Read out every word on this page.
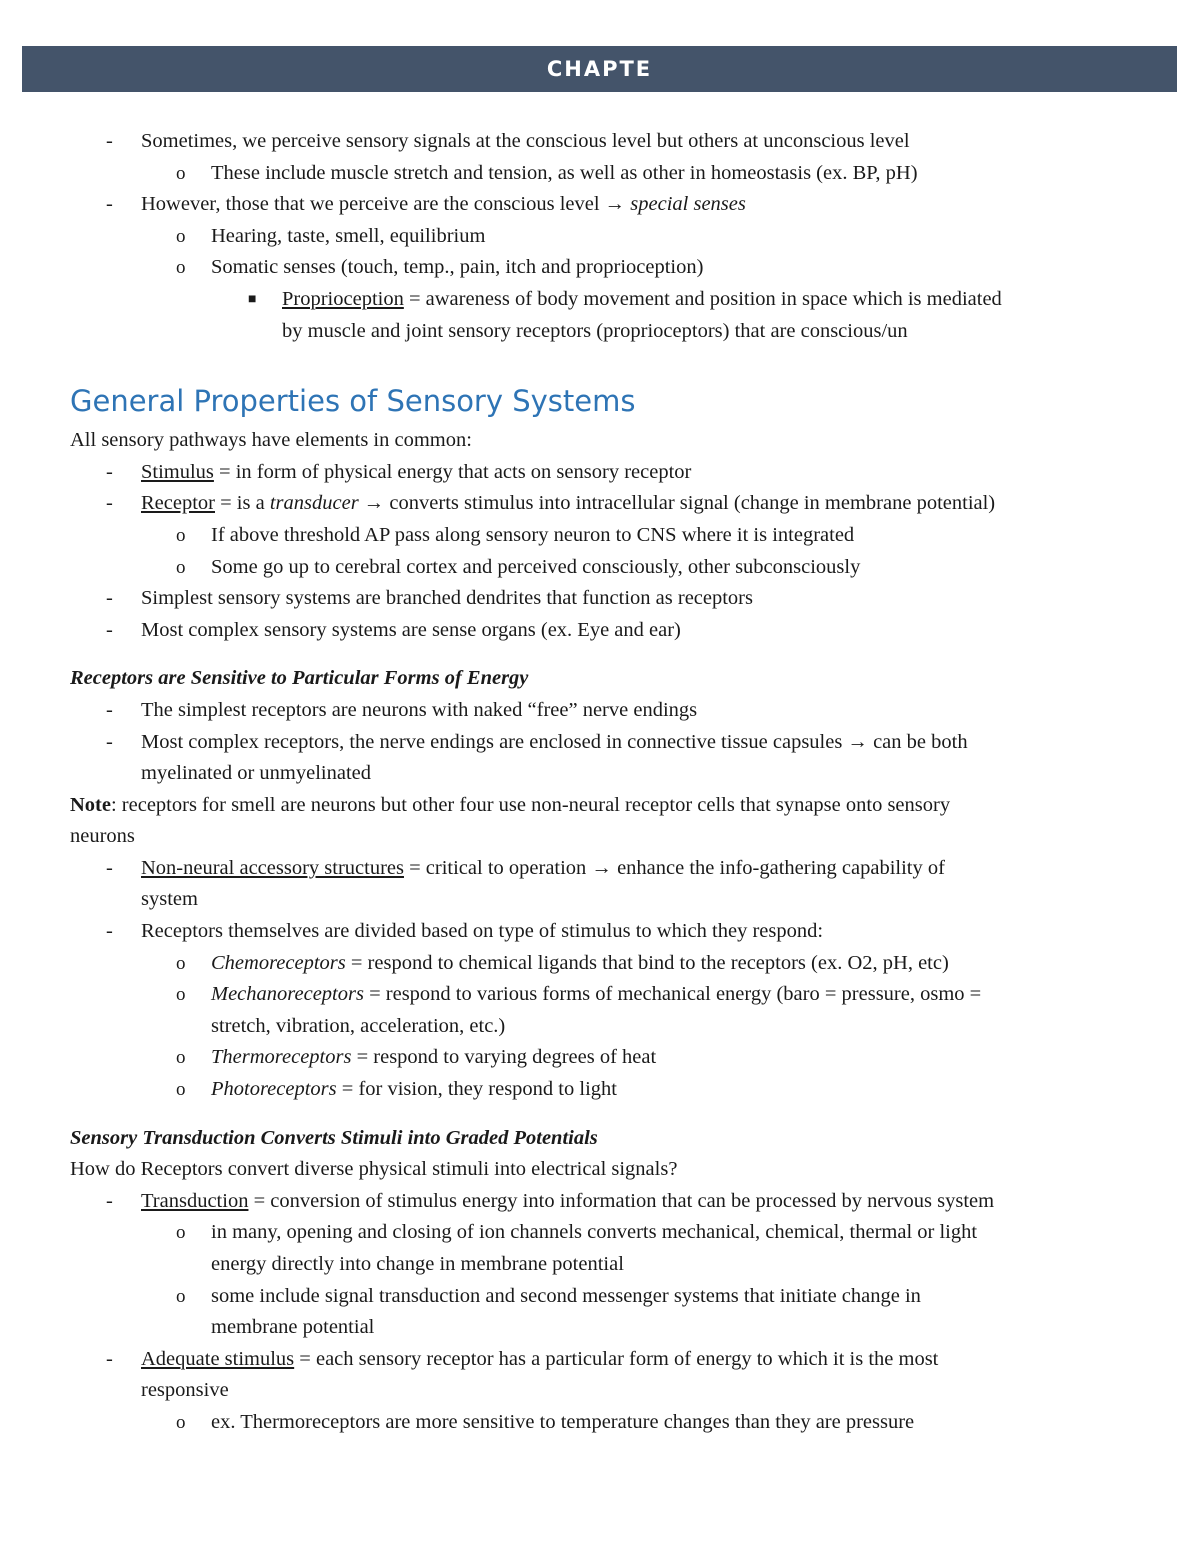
CHAPTE
- Sometimes, we perceive sensory signals at the conscious level but others at unconscious level
o These include muscle stretch and tension, as well as other in homeostasis (ex. BP, pH)
- However, those that we perceive are the conscious level → special senses
o Hearing, taste, smell, equilibrium
o Somatic senses (touch, temp., pain, itch and proprioception)
■ Proprioception = awareness of body movement and position in space which is mediated
by muscle and joint sensory receptors (proprioceptors) that are conscious/un
General Properties of Sensory Systems
All sensory pathways have elements in common:
- Stimulus = in form of physical energy that acts on sensory receptor
- Receptor = is a transducer → converts stimulus into intracellular signal (change in membrane potential)
o If above threshold AP pass along sensory neuron to CNS where it is integrated
o Some go up to cerebral cortex and perceived consciously, other subconsciously
- Simplest sensory systems are branched dendrites that function as receptors
- Most complex sensory systems are sense organs (ex. Eye and ear)
Receptors are Sensitive to Particular Forms of Energy
- The simplest receptors are neurons with naked “free” nerve endings
- Most complex receptors, the nerve endings are enclosed in connective tissue capsules → can be both
myelinated or unmyelinated
Note: receptors for smell are neurons but other four use non-neural receptor cells that synapse onto sensory
neurons
- Non-neural accessory structures = critical to operation → enhance the info-gathering capability of
system
- Receptors themselves are divided based on type of stimulus to which they respond:
o Chemoreceptors = respond to chemical ligands that bind to the receptors (ex. O2, pH, etc)
o Mechanoreceptors = respond to various forms of mechanical energy (baro = pressure, osmo =
stretch, vibration, acceleration, etc.)
o Thermoreceptors = respond to varying degrees of heat
o Photoreceptors = for vision, they respond to light
Sensory Transduction Converts Stimuli into Graded Potentials
How do Receptors convert diverse physical stimuli into electrical signals?
- Transduction = conversion of stimulus energy into information that can be processed by nervous system
o in many, opening and closing of ion channels converts mechanical, chemical, thermal or light
energy directly into change in membrane potential
o some include signal transduction and second messenger systems that initiate change in
membrane potential
- Adequate stimulus = each sensory receptor has a particular form of energy to which it is the most
responsive
o ex. Thermoreceptors are more sensitive to temperature changes than they are pressure
